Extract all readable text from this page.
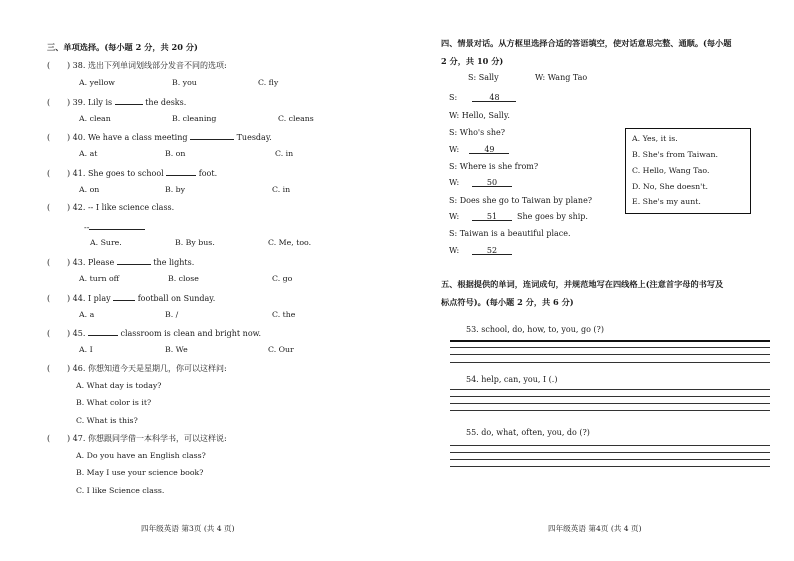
三、单项选择。(每小题 2 分，共 20 分)
( ) 38. 选出下列单词划线部分发音不同的选项:
A. yellow	B. you	C. fly
( ) 39. Lily is	the desks.
A. clean	B. cleaning	C. cleans
( ) 40. We have a class meeting	Tuesday.
A. at	B. on	C. in
( ) 41. She goes to school	foot.
A. on	B. by	C. in
( ) 42. -- I like science class.
--
A. Sure.	B. By bus.	C. Me, too.
( ) 43. Please	the lights.
A. turn off	B. close	C. go
( ) 44. I play	football on Sunday.
A. a	B. /	C. the
( ) 45.	classroom is clean and bright now.
A. I	B. We	C. Our
( ) 46. 你想知道今天是星期几，你可以这样问:
A. What day is today?
B. What color is it?
C. What is this?
( ) 47. 你想跟同学借一本科学书，可以这样说:
A. Do you have an English class?
B. May I use your science book?
C. I like Science class.
四年级英语 第3页 (共 4 页)
四、情景对话。从方框里选择合适的答语填空，使对话意思完整、通顺。(每小题
2 分，共 10 分)
S: Sally	W: Wang Tao
S:	48
W: Hello, Sally.
S: Who's she?
W:	49
S: Where is she from?
W:	50
S: Does she go to Taiwan by plane?
W:	51	She goes by ship.
S: Taiwan is a beautiful place.
W:	52
A. Yes, it is.
B. She's from Taiwan.
C. Hello, Wang Tao.
D. No, She doesn't.
E. She's my aunt.
五、根据提供的单词，连词成句，并规范地写在四线格上(注意首字母的书写及
标点符号)。(每小题 2 分，共 6 分)
53. school, do, how, to, you, go (?)
54. help, can, you, I (.)
55. do, what, often, you, do (?)
四年级英语 第4页 (共 4 页)
